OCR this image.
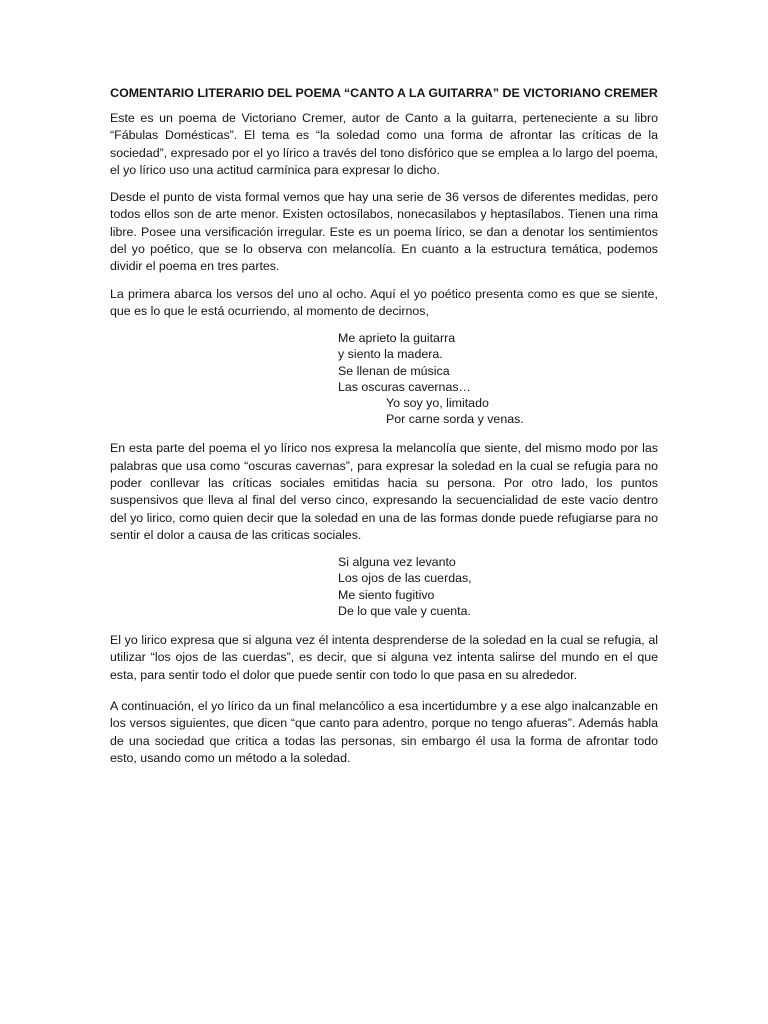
COMENTARIO LITERARIO DEL POEMA “CANTO A LA GUITARRA” DE VICTORIANO CREMER

Este es un poema de Victoriano Cremer, autor de Canto a la guitarra, perteneciente a su libro “Fábulas Domésticas”. El tema es “la soledad como una forma de afrontar las críticas de la sociedad”, expresado por el yo lírico a través del tono disfórico que se emplea a lo largo del poema, el yo lírico uso una actitud carmínica para expresar lo dicho.

Desde el punto de vista formal vemos que hay una serie de 36 versos de diferentes medidas, pero todos ellos son de arte menor. Existen octosílabos, nonecasilabos y heptasílabos. Tienen una rima libre. Posee una versificación irregular. Este es un poema lírico, se dan a denotar los sentimientos del yo poético, que se lo observa con melancolía. En cuanto a la estructura temática, podemos dividir el poema en tres partes.

La primera abarca los versos del uno al ocho. Aquí el yo poético presenta como es que se siente, que es lo que le está ocurriendo, al momento de decirnos,

Me aprieto la guitarra
y siento la madera.
Se llenan de música
Las oscuras cavernas…
Yo soy yo, limitado
Por carne sorda y venas.

En esta parte del poema el yo lírico nos expresa la melancolía que siente, del mismo modo por las palabras que usa como “oscuras cavernas”, para expresar la soledad en la cual se refugia para no poder conllevar las críticas sociales emitidas hacia su persona. Por otro lado, los puntos suspensivos que lleva al final del verso cinco, expresando la secuencialidad de este vacio dentro del yo lirico, como quien decir que la soledad en una de las formas donde puede refugiarse para no sentir el dolor a causa de las criticas sociales.

Si alguna vez levanto
Los ojos de las cuerdas,
Me siento fugitivo
De lo que vale y cuenta.

El yo lirico expresa que si alguna vez él intenta desprenderse de la soledad en la cual se refugia, al utilizar “los ojos de las cuerdas”, es decir, que si alguna vez intenta salirse del mundo en el que esta, para sentir todo el dolor que puede sentir con todo lo que pasa en su alrededor.

A continuación, el yo lírico da un final melancólico a esa incertidumbre y a ese algo inalcanzable en los versos siguientes, que dicen “que canto para adentro, porque no tengo afueras”. Además habla de una sociedad que critica a todas las personas, sin embargo él usa la forma de afrontar todo esto, usando como un método a la soledad.
